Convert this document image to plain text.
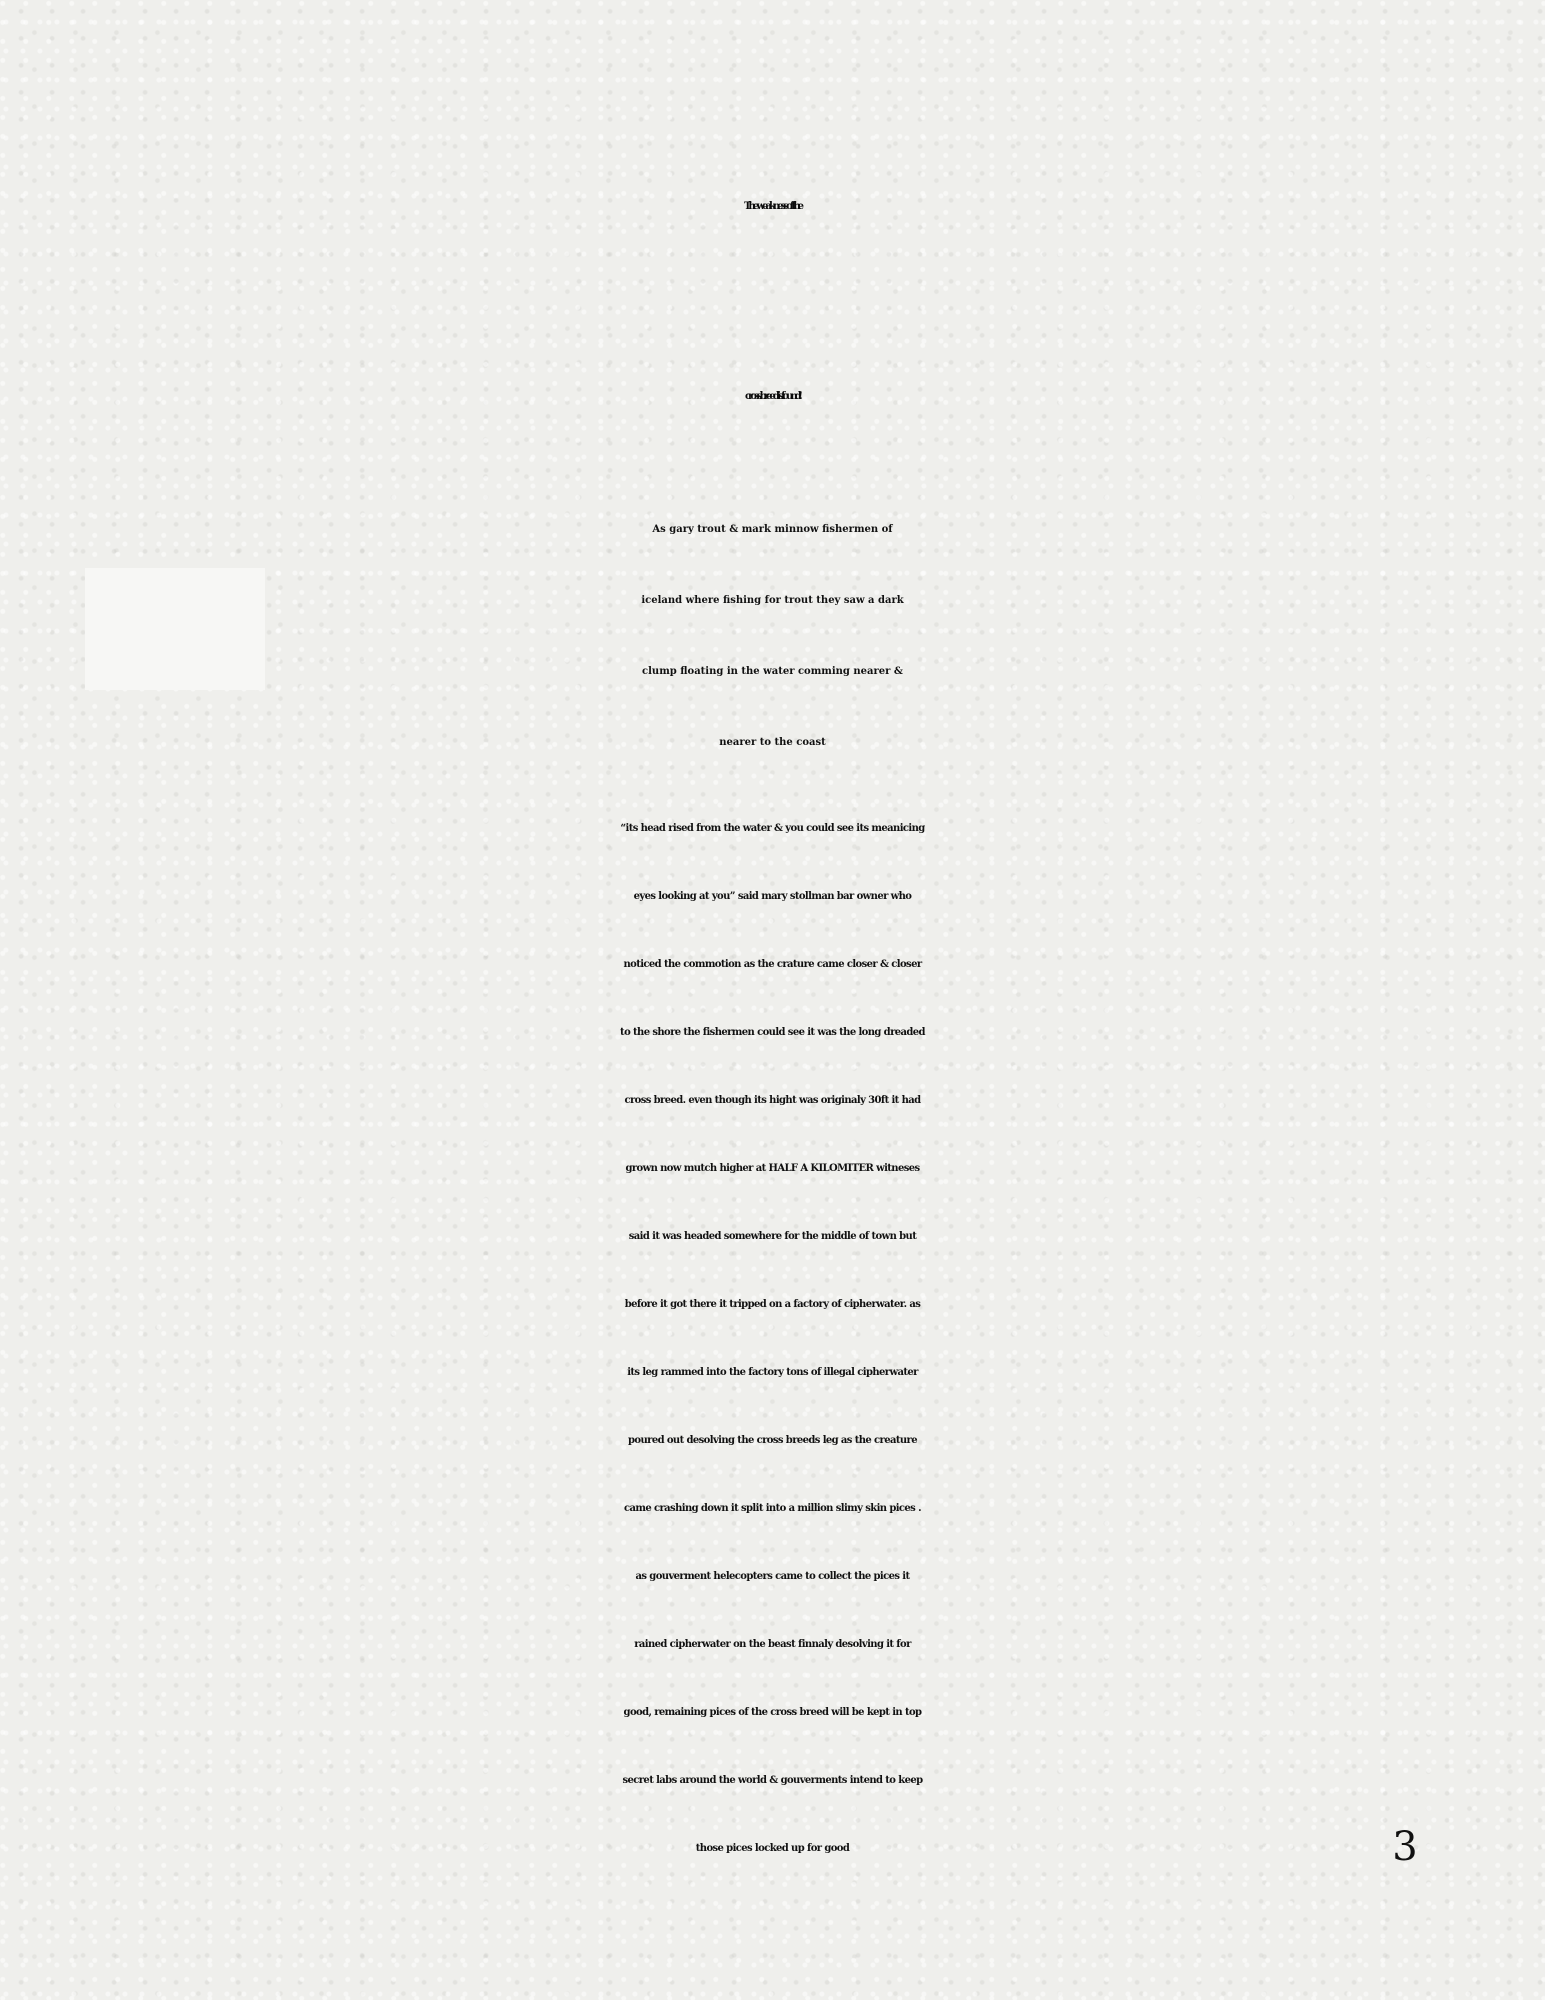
The weakness of the
cross breed is found!

As gary trout & mark minnow fishermen of
iceland where fishing for trout they saw a dark
clump floating in the water comming nearer &
nearer to the coast

“its head rised from the water & you could see its meanicing
eyes looking at you” said mary stollman bar owner who
noticed the commotion as the crature came closer & closer
to the shore the fishermen could see it was the long dreaded
cross breed. even though its hight was originaly 30ft it had
grown now mutch higher at HALF A KILOMITER witneses
said it was headed somewhere for the middle of town but
before it got there it tripped on a factory of cipherwater. as
its leg rammed into the factory tons of illegal cipherwater
poured out desolving the cross breeds leg as the creature
came crashing down it split into a million slimy skin pices .
as gouverment helecopters came to collect the pices it
rained cipherwater on the beast finnaly desolving it for
good, remaining pices of the cross breed will be kept in top
secret labs around the world & gouverments intend to keep
those pices locked up for good	3
